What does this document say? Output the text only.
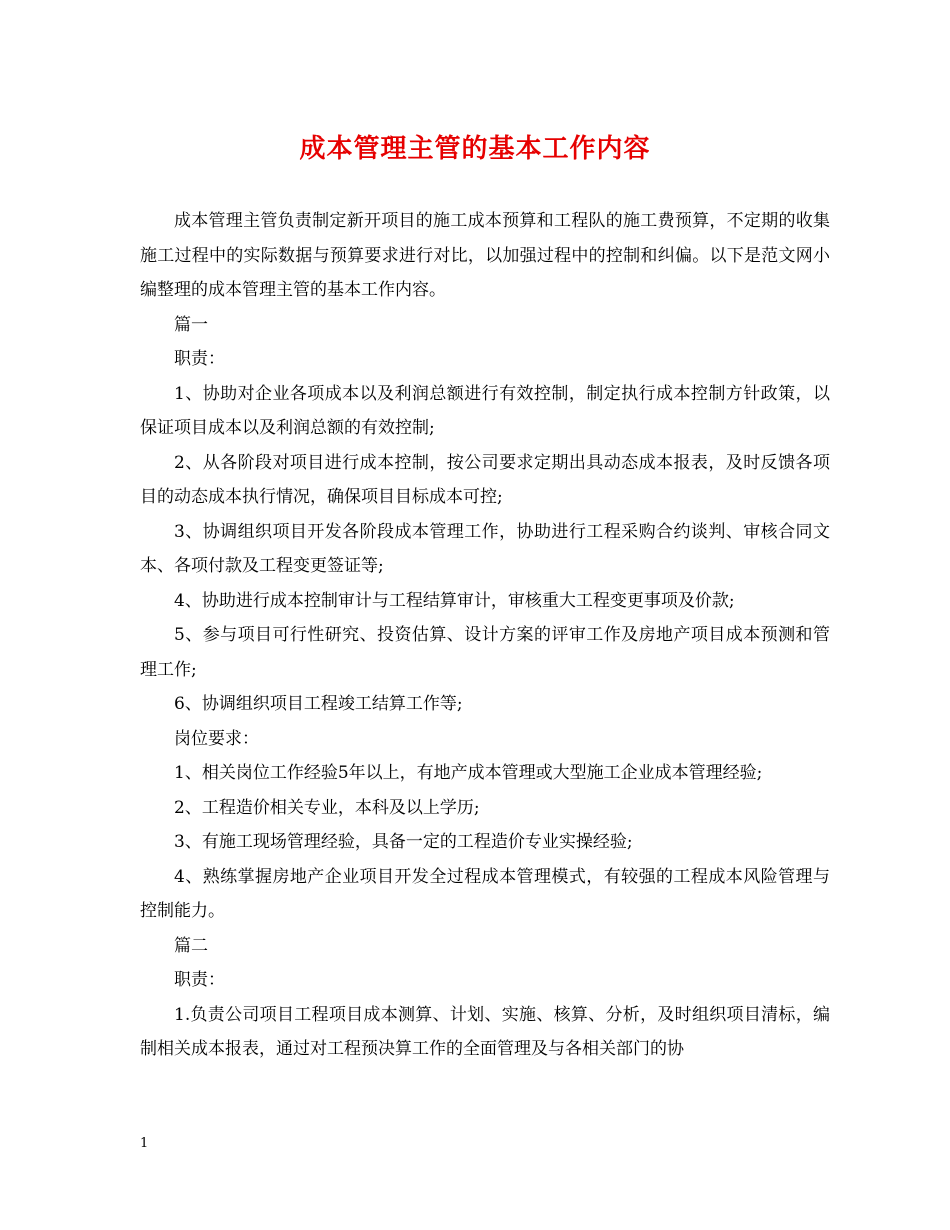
成本管理主管的基本工作内容

成本管理主管负责制定新开项目的施工成本预算和工程队的施工费预算，不定期的收集施工过程中的实际数据与预算要求进行对比，以加强过程中的控制和纠偏。以下是范文网小编整理的成本管理主管的基本工作内容。

篇一

职责：

1、协助对企业各项成本以及利润总额进行有效控制，制定执行成本控制方针政策，以保证项目成本以及利润总额的有效控制;

2、从各阶段对项目进行成本控制，按公司要求定期出具动态成本报表，及时反馈各项目的动态成本执行情况，确保项目目标成本可控;

3、协调组织项目开发各阶段成本管理工作，协助进行工程采购合约谈判、审核合同文本、各项付款及工程变更签证等;

4、协助进行成本控制审计与工程结算审计，审核重大工程变更事项及价款;

5、参与项目可行性研究、投资估算、设计方案的评审工作及房地产项目成本预测和管理工作;

6、协调组织项目工程竣工结算工作等;

岗位要求：

1、相关岗位工作经验5年以上，有地产成本管理或大型施工企业成本管理经验;

2、工程造价相关专业，本科及以上学历;

3、有施工现场管理经验，具备一定的工程造价专业实操经验;

4、熟练掌握房地产企业项目开发全过程成本管理模式，有较强的工程成本风险管理与控制能力。

篇二

职责：

1.负责公司项目工程项目成本测算、计划、实施、核算、分析，及时组织项目清标，编制相关成本报表，通过对工程预决算工作的全面管理及与各相关部门的协

1
